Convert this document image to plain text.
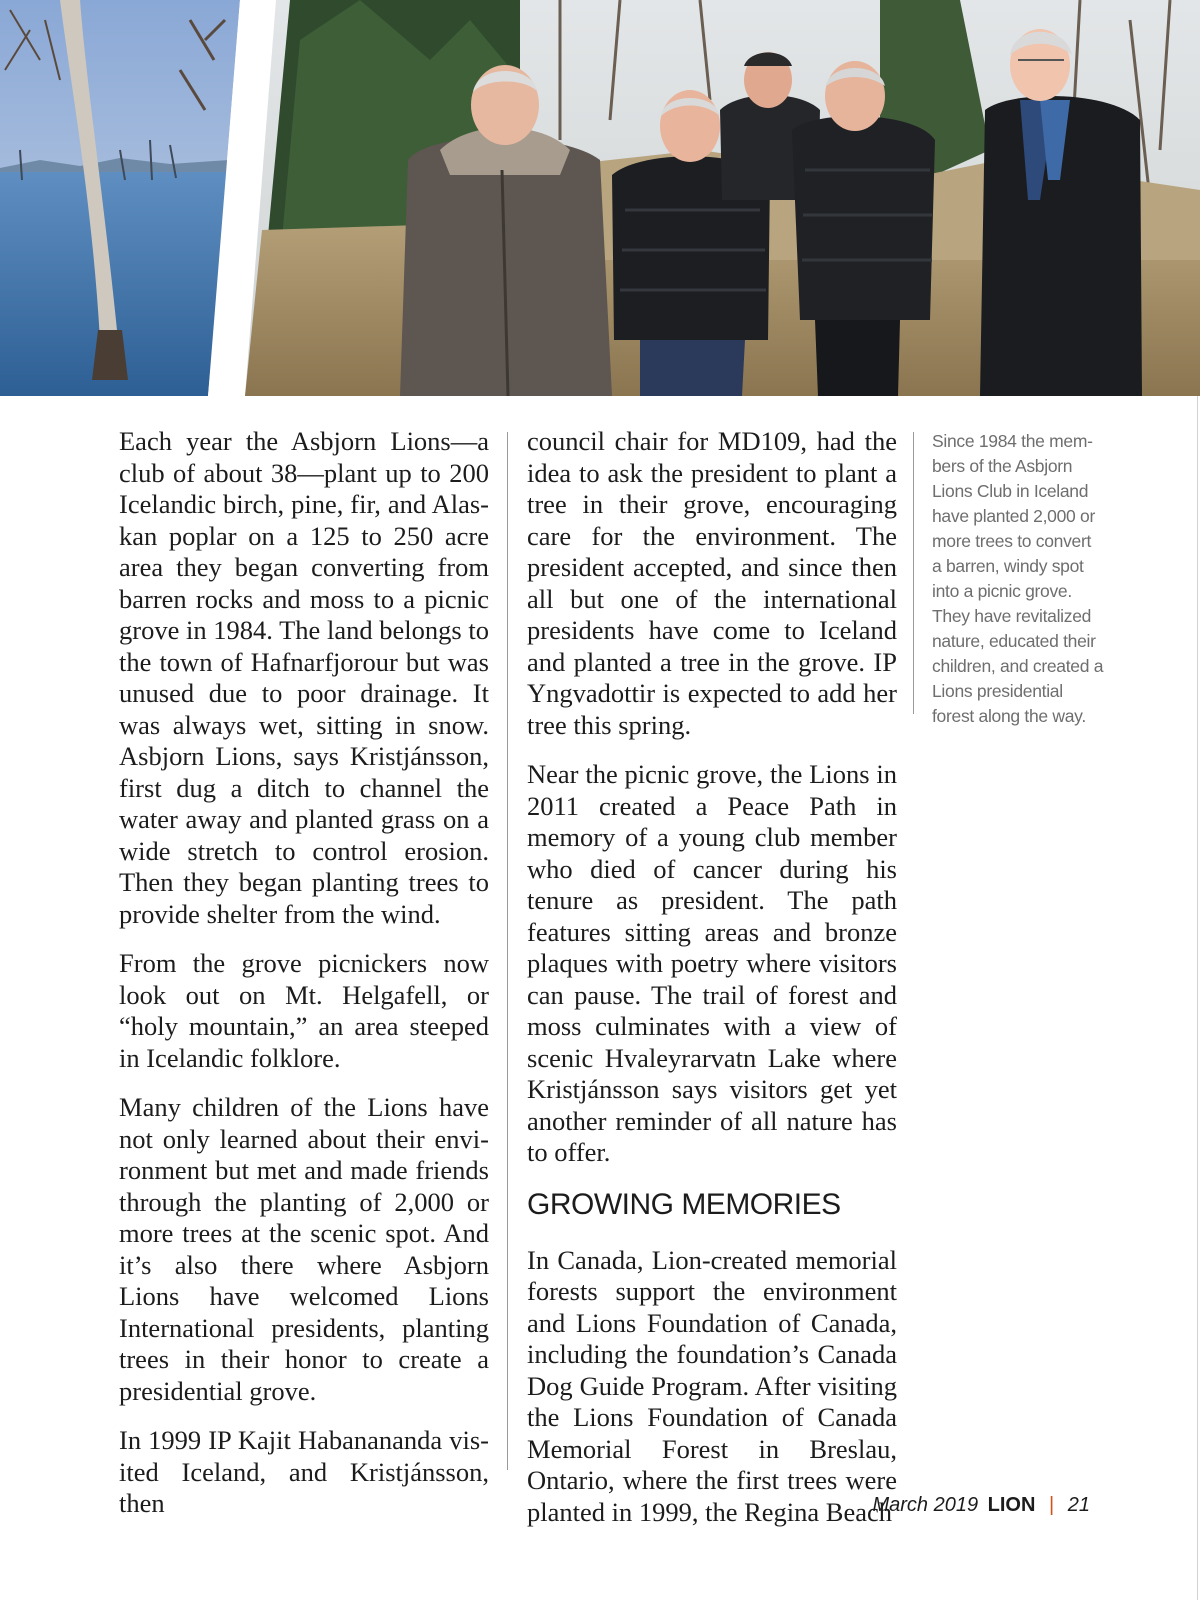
Each year the Asbjorn Lions—a club of about 38—plant up to 200 Icelandic birch, pine, fir, and Alaskan poplar on a 125 to 250 acre area they began converting from barren rocks and moss to a picnic grove in 1984. The land belongs to the town of Hafnarfjorour but was unused due to poor drainage. It was always wet, sitting in snow. Asbjorn Lions, says Kristjánsson, first dug a ditch to channel the water away and planted grass on a wide stretch to control erosion. Then they began planting trees to provide shelter from the wind.

From the grove picnickers now look out on Mt. Helgafell, or “holy mountain,” an area steeped in Icelandic folklore.

Many children of the Lions have not only learned about their environment but met and made friends through the planting of 2,000 or more trees at the scenic spot. And it’s also there where Asbjorn Lions have welcomed Lions International presidents, planting trees in their honor to create a presidential grove.

In 1999 IP Kajit Habanananda visited Iceland, and Kristjánsson, then

council chair for MD109, had the idea to ask the president to plant a tree in their grove, encouraging care for the environment. The president accepted, and since then all but one of the international presidents have come to Iceland and planted a tree in the grove. IP Yngvadottir is expected to add her tree this spring.

Near the picnic grove, the Lions in 2011 created a Peace Path in memory of a young club member who died of cancer during his tenure as president. The path features sitting areas and bronze plaques with poetry where visitors can pause. The trail of forest and moss culminates with a view of scenic Hvaleyrarvatn Lake where Kristjánsson says visitors get yet another reminder of all nature has to offer.

GROWING MEMORIES

In Canada, Lion-created memorial forests support the environment and Lions Foundation of Canada, including the foundation’s Canada Dog Guide Program. After visiting the Lions Foundation of Canada Memorial Forest in Breslau, Ontario, where the first trees were planted in 1999, the Regina Beach

Since 1984 the members of the Asbjorn Lions Club in Iceland have planted 2,000 or more trees to convert a barren, windy spot into a picnic grove. They have revitalized nature, educated their children, and created a Lions presidential forest along the way.

March 2019 LION | 21
